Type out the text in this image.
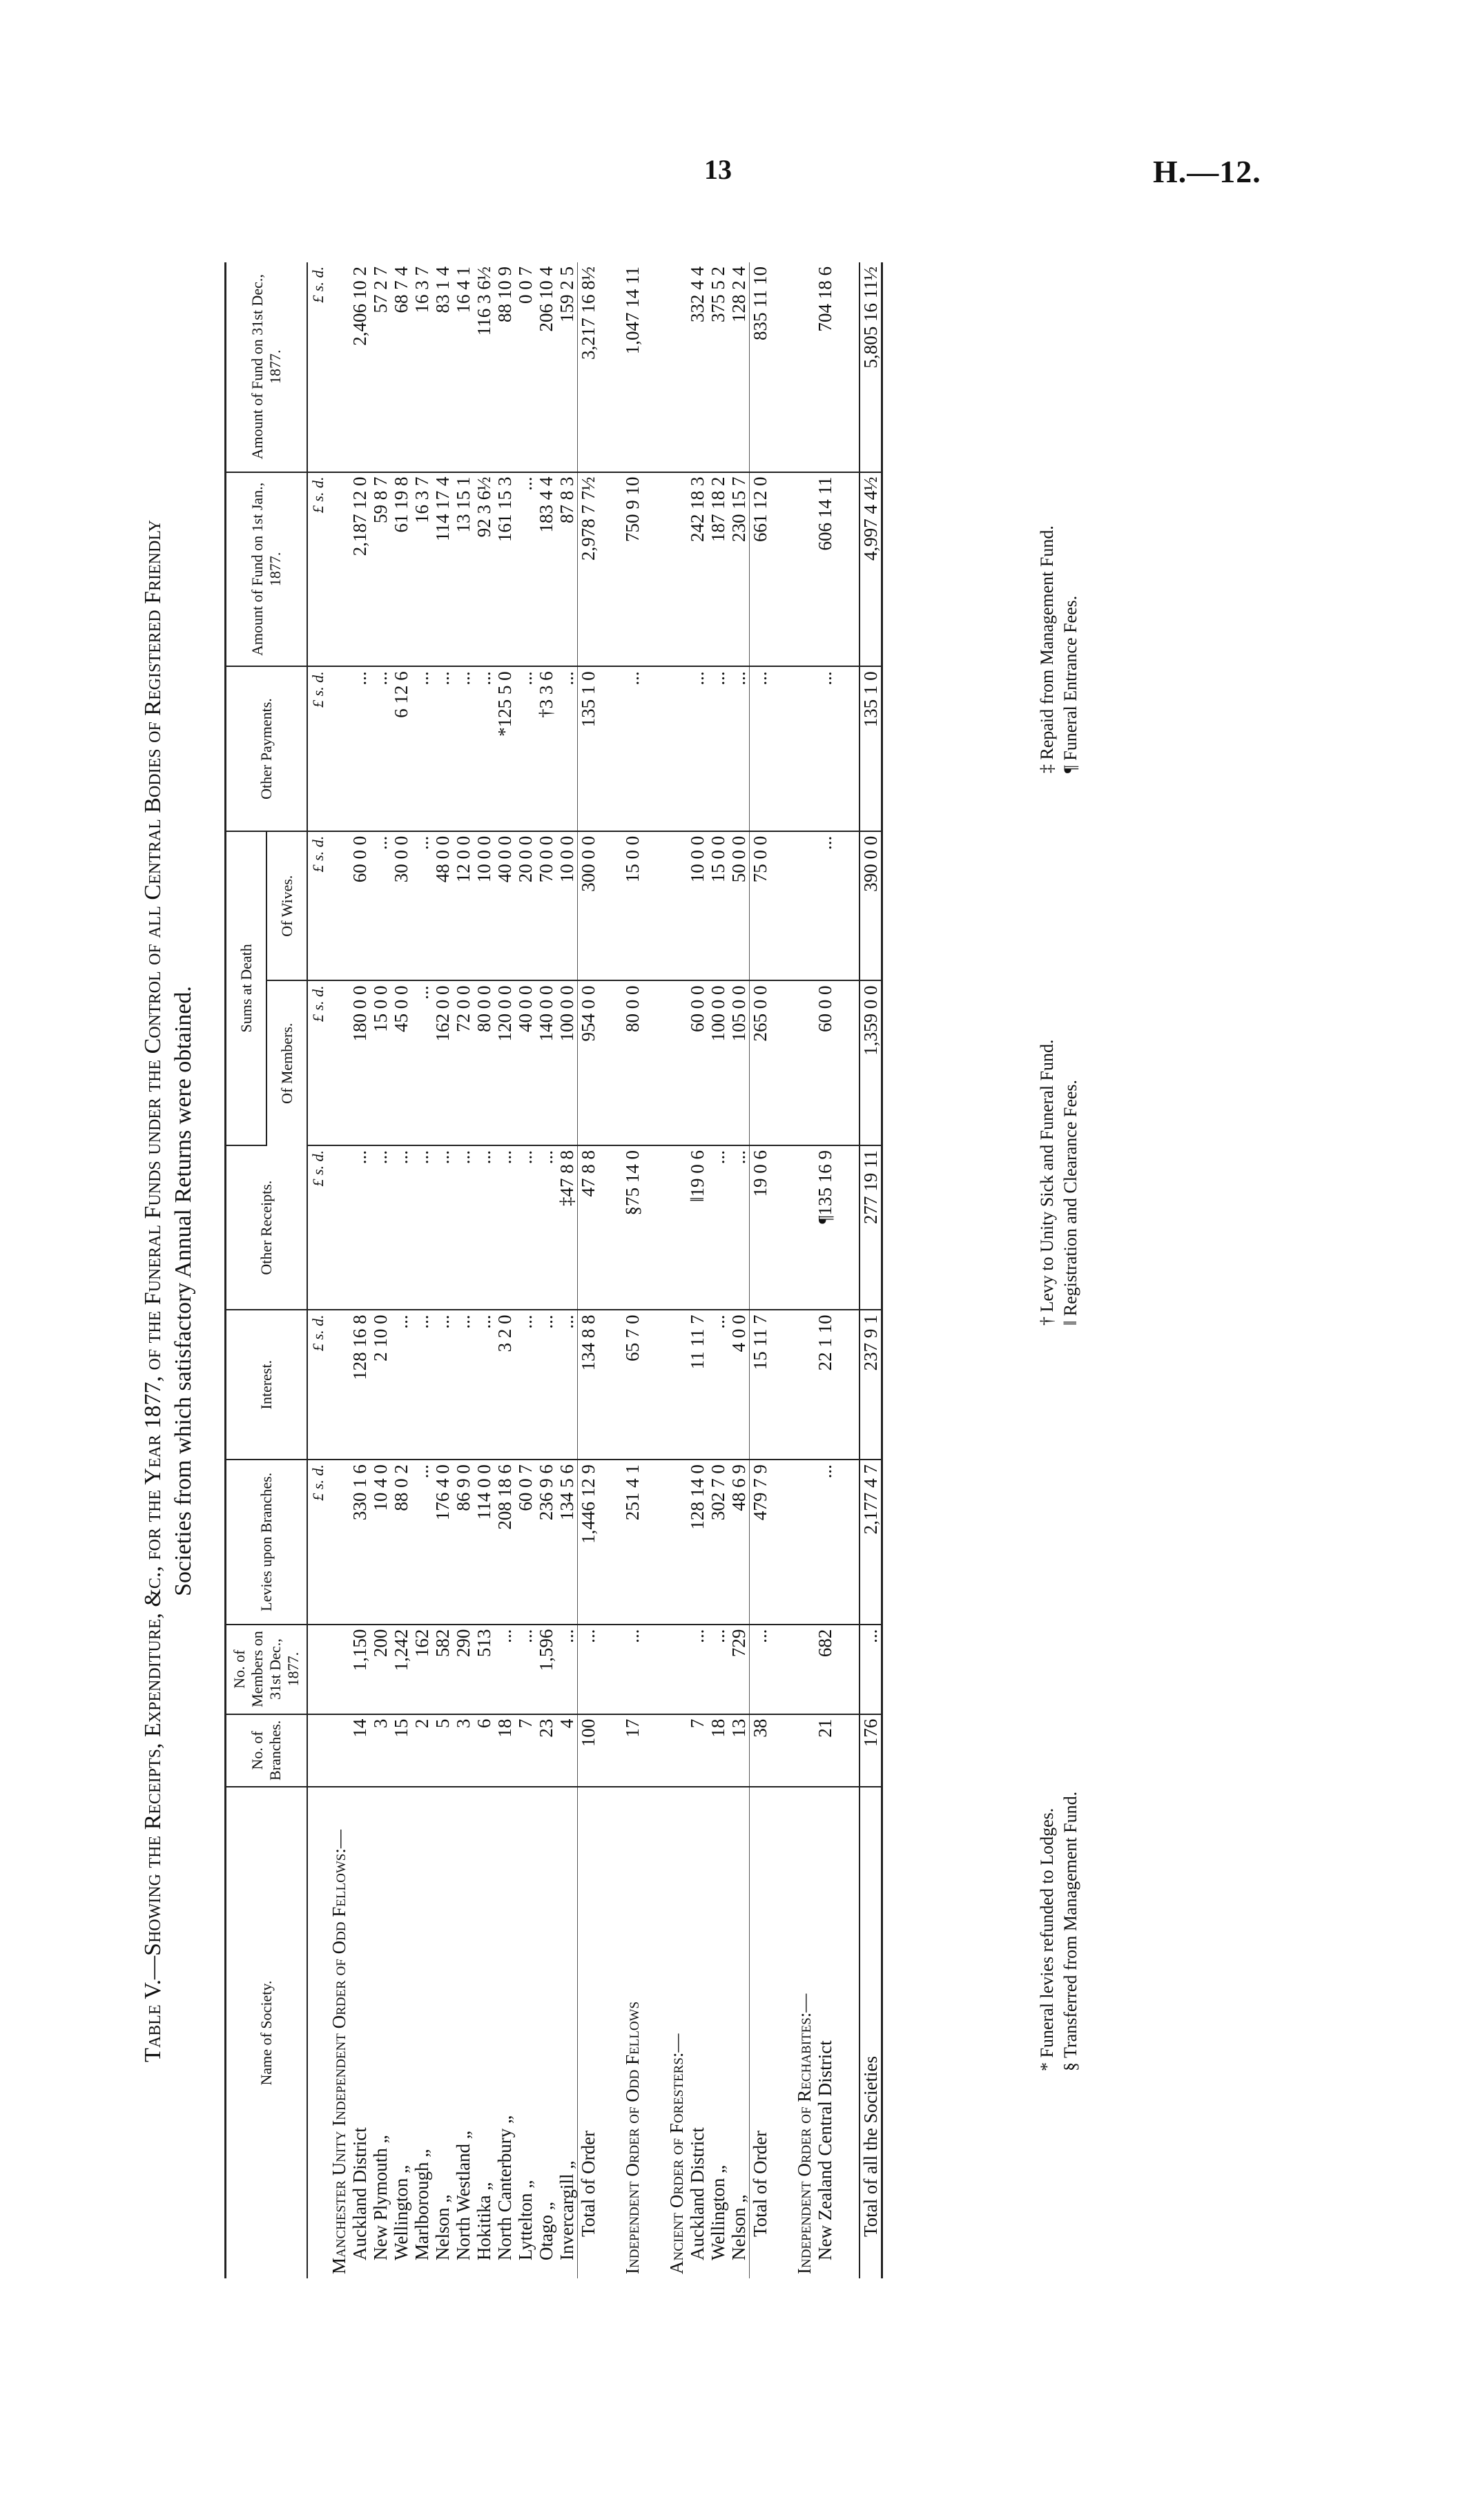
13	H.—12.
Table V.—Showing the Receipts, Expenditure, &c., for the Year 1877, of the Funeral Funds under the Control of all Central Bodies of Registered Friendly Societies from which satisfactory Annual Returns were obtained.
Name of Society.	No. of Branches.	No. of Members on 31st Dec., 1877.	Levies upon Branches.	Interest.	Other Receipts.	Sums at Death		Other Payments.	Amount of Fund on 1st Jan., 1877.	Amount of Fund on 31st Dec., 1877.
						Of Members.	Of Wives.			
			£ s. d.	£ s. d.	£ s. d.	£ s. d.	£ s. d.	£ s. d.	£ s. d.	£ s. d.
Manchester Unity Independent Order of Odd Fellows:—										
Auckland District	14	1,150	330 1 6	128 16 8	...	180 0 0	60 0 0	...	2,187 12 0	2,406 10 2
New Plymouth „	3	200	10 4 0	2 10 0	...	15 0 0	...	...	59 8 7	57 2 7
Wellington „	15	1,242	88 0 2	...	...	45 0 0	30 0 0	6 12 6	61 19 8	68 7 4
Marlborough „	2	162	...	...	...	...	...	...	16 3 7	16 3 7
Nelson „	5	582	176 4 0	...	...	162 0 0	48 0 0	...	114 17 4	83 1 4
North Westland „	3	290	86 9 0	...	...	72 0 0	12 0 0	...	13 15 1	16 4 1
Hokitika „	6	513	114 0 0	...	...	80 0 0	10 0 0	...	92 3 6½	116 3 6½
North Canterbury „	18	...	208 18 6	3 2 0	...	120 0 0	40 0 0	*125 5 0	161 15 3	88 10 9
Lyttelton „	7	...	60 0 7	...	...	40 0 0	20 0 0	...	...	0 0 7
Otago „	23	1,596	236 9 6	...	...	140 0 0	70 0 0	†3 3 6	183 4 4	206 10 4
Invercargill „	4	...	134 5 6	...	‡47 8 8	100 0 0	10 0 0	...	87 8 3	159 2 5
Total of Order	100	...	1,446 12 9	134 8 8	47 8 8	954 0 0	300 0 0	135 1 0	2,978 7 7½	3,217 16 8½

Independent Order of Odd Fellows	17	...	251 4 1	65 7 0	§75 14 0	80 0 0	15 0 0	...	750 9 10	1,047 14 11

Ancient Order of Foresters:—										
Auckland District	7	...	128 14 0	11 11 7	‖19 0 6	60 0 0	10 0 0	...	242 18 3	332 4 4
Wellington „	18	...	302 7 0	...	...	100 0 0	15 0 0	...	187 18 2	375 5 2
Nelson „	13	729	48 6 9	4 0 0	...	105 0 0	50 0 0	...	230 15 7	128 2 4
Total of Order	38	...	479 7 9	15 11 7	19 0 6	265 0 0	75 0 0	...	661 12 0	835 11 10

Independent Order of Rechabites:—										
New Zealand Central District	21	682	...	22 1 10	¶135 16 9	60 0 0	...	...	606 14 11	704 18 6

Total of all the Societies	176	...	2,177 4 7	237 9 1	277 19 11	1,359 0 0	390 0 0	135 1 0	4,997 4 4½	5,805 16 11½
* Funeral levies refunded to Lodges. § Transferred from Management Fund.
† Levy to Unity Sick and Funeral Fund. ‖ Registration and Clearance Fees.
‡ Repaid from Management Fund. ¶ Funeral Entrance Fees.
